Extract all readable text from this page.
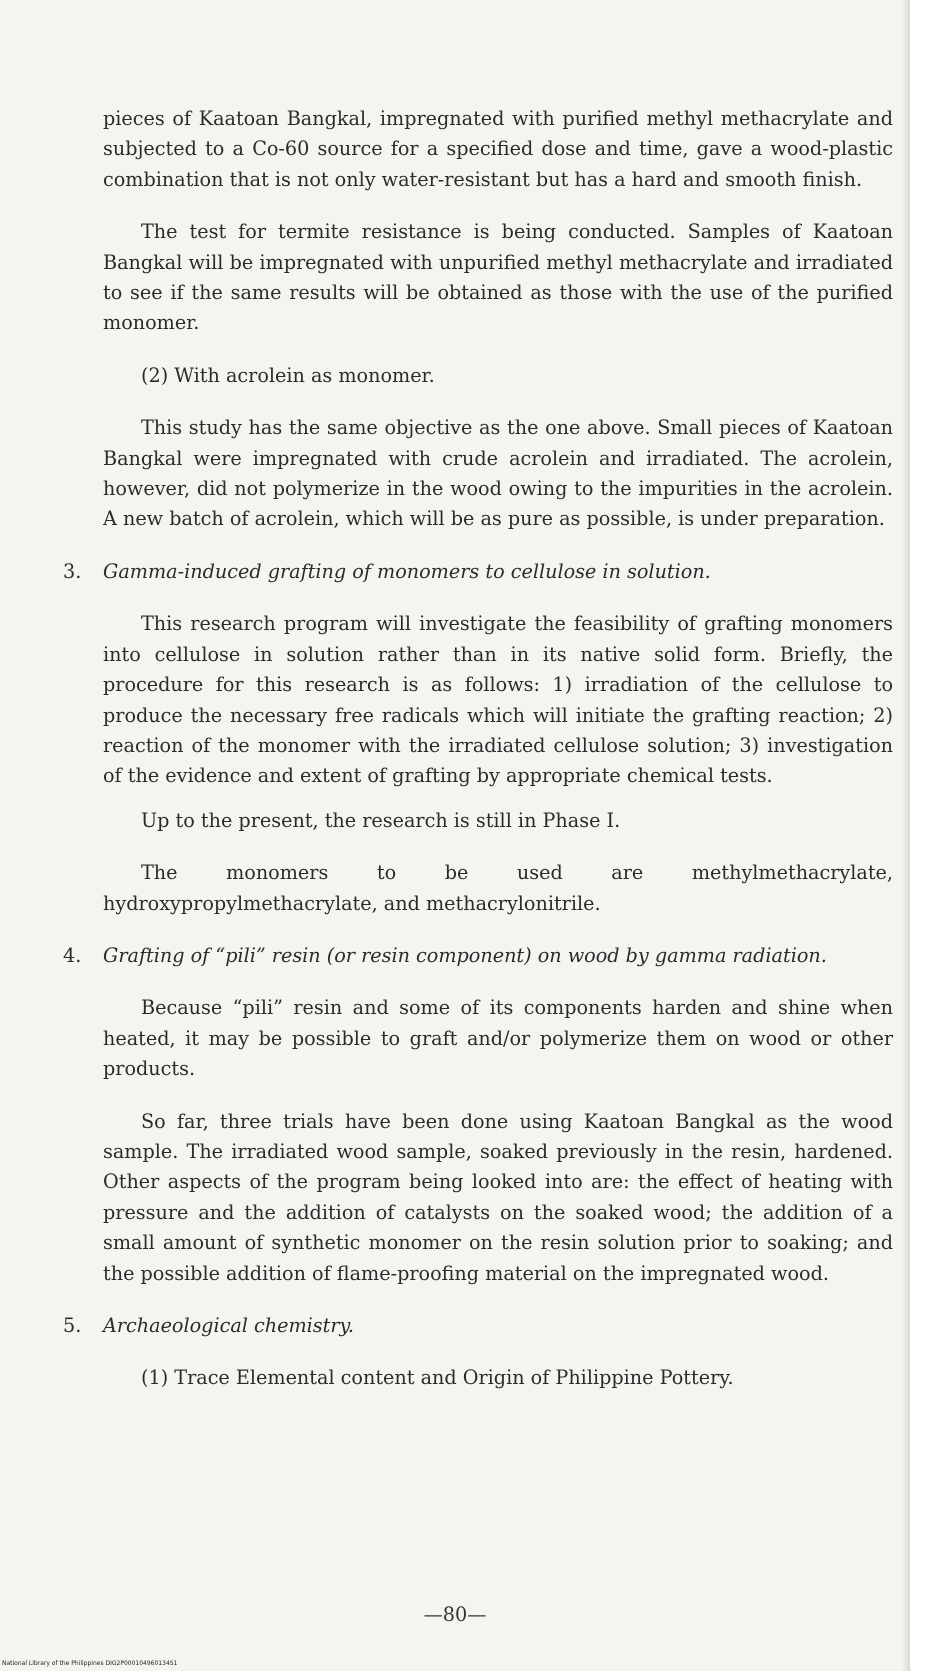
pieces of Kaatoan Bangkal, impregnated with purified methyl methacrylate and subjected to a Co-60 source for a specified dose and time, gave a wood-plastic combination that is not only water-resistant but has a hard and smooth finish.

The test for termite resistance is being conducted. Samples of Kaatoan Bangkal will be impregnated with unpurified methyl methacrylate and irradiated to see if the same results will be obtained as those with the use of the purified monomer.

(2) With acrolein as monomer.

This study has the same objective as the one above. Small pieces of Kaatoan Bangkal were impregnated with crude acrolein and irradiated. The acrolein, however, did not polymerize in the wood owing to the impurities in the acrolein. A new batch of acrolein, which will be as pure as possible, is under preparation.

3. Gamma-induced grafting of monomers to cellulose in solution.

This research program will investigate the feasibility of grafting monomers into cellulose in solution rather than in its native solid form. Briefly, the procedure for this research is as follows: 1) irradiation of the cellulose to produce the necessary free radicals which will initiate the grafting reaction; 2) reaction of the monomer with the irradiated cellulose solution; 3) investigation of the evidence and extent of grafting by appropriate chemical tests.

Up to the present, the research is still in Phase I.

The monomers to be used are methylmethacrylate, hydroxypropylmethacrylate, and methacrylonitrile.

4. Grafting of “pili” resin (or resin component) on wood by gamma radiation.

Because “pili” resin and some of its components harden and shine when heated, it may be possible to graft and/or polymerize them on wood or other products.

So far, three trials have been done using Kaatoan Bangkal as the wood sample. The irradiated wood sample, soaked previously in the resin, hardened. Other aspects of the program being looked into are: the effect of heating with pressure and the addition of catalysts on the soaked wood; the addition of a small amount of synthetic monomer on the resin solution prior to soaking; and the possible addition of flame-proofing material on the impregnated wood.

5. Archaeological chemistry.
(1) Trace Elemental content and Origin of Philippine Pottery.
—80—
National Library of the Philippines DIG2P000104960134S1
